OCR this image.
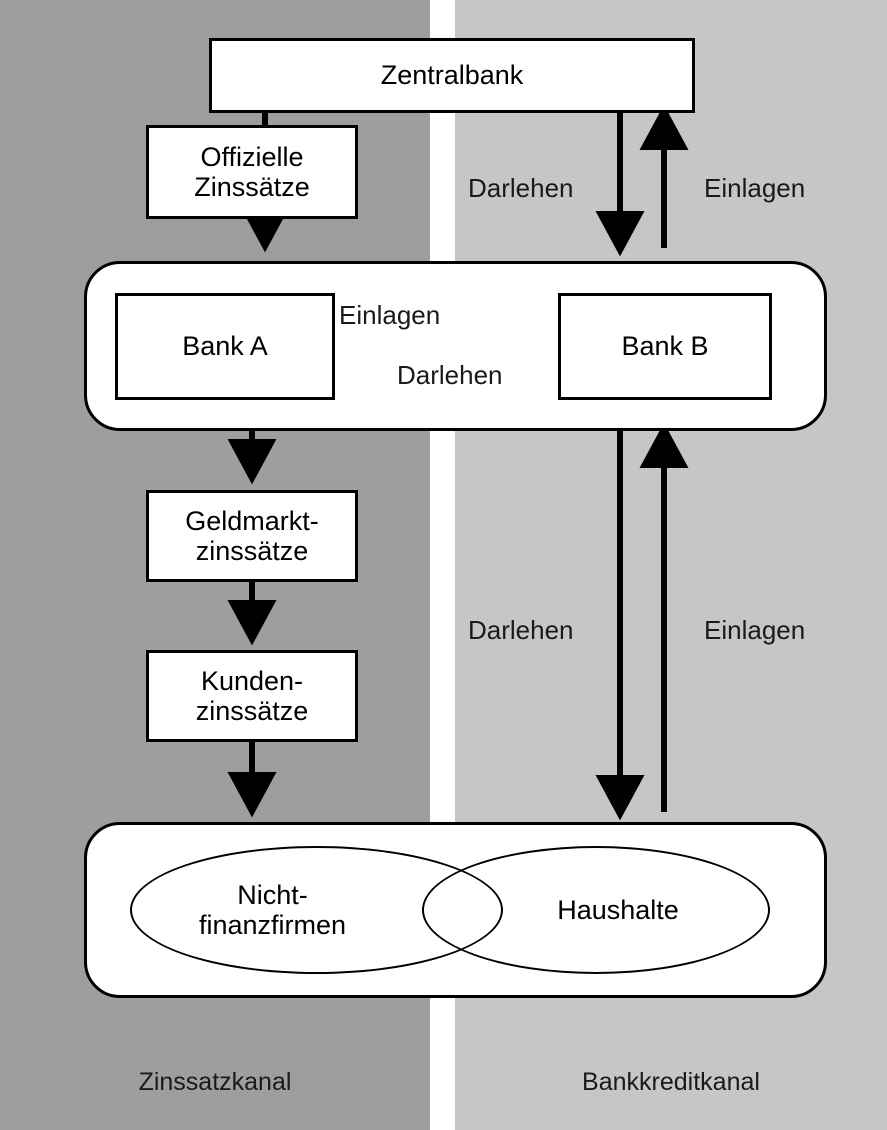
Zentralbank
Offizielle
Zinssätze
Bank A	Bank B
Geldmarkt-
zinssätze
Kunden-
zinssätze
Nicht-
finanzfirmen
Haushalte
Darlehen	Einlagen
Einlagen
Darlehen
Darlehen	Einlagen
Zinssatzkanal	Bankkreditkanal
